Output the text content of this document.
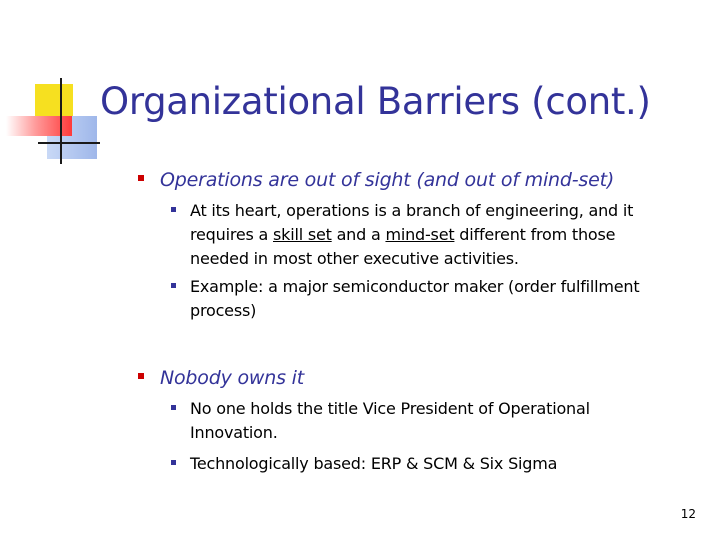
Organizational Barriers (cont.)
Operations are out of sight (and out of mind-set)
At its heart, operations is a branch of engineering, and it
requires a skill set and a mind-set different from those
needed in most other executive activities.
Example: a major semiconductor maker (order fulfillment
process)
Nobody owns it
No one holds the title Vice President of Operational
Innovation.
Technologically based: ERP & SCM & Six Sigma
12
